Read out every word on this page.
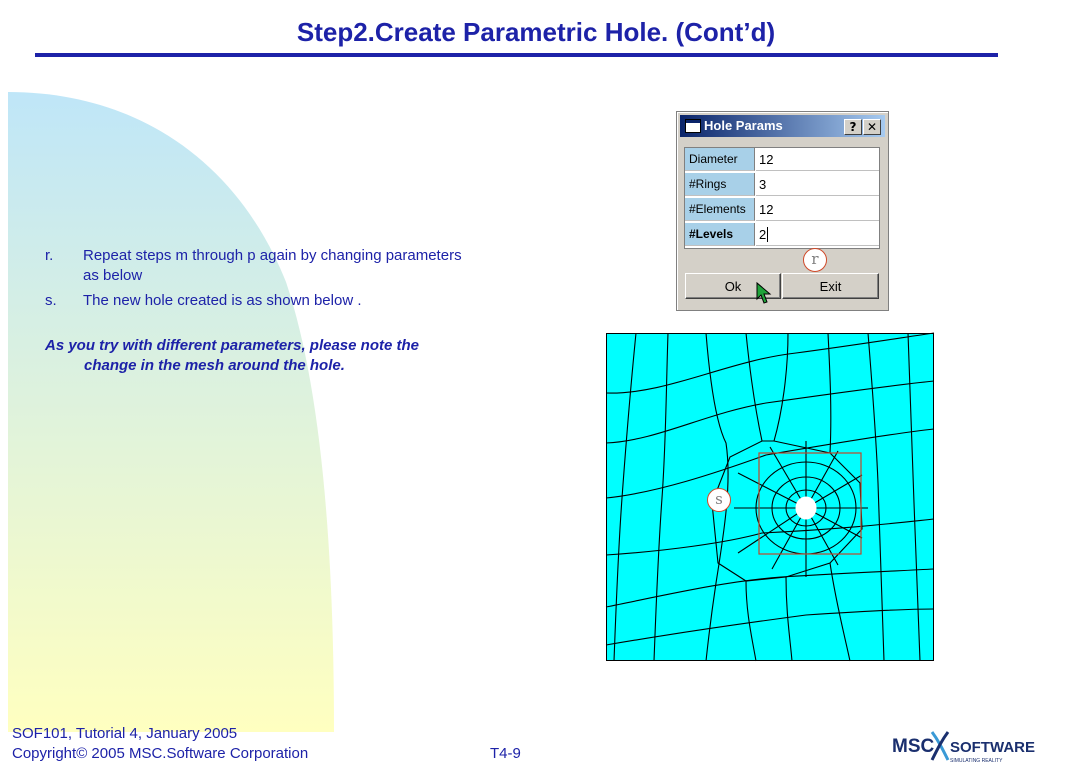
Step2.Create Parametric Hole. (Cont’d)
r.	Repeat steps m through p again by changing parameters
as below
s.	The new hole created is as shown below .
As you try with different parameters, please note the
change in the mesh around the hole.
Hole Params	? ✕
Diameter	12
#Rings	3
#Elements	12
#Levels	2
Ok	Exit
r
s
SOF101, Tutorial 4, January 2005
Copyright© 2005 MSC.Software Corporation	T4-9	MSC SOFTWARE
SIMULATING REALITY
